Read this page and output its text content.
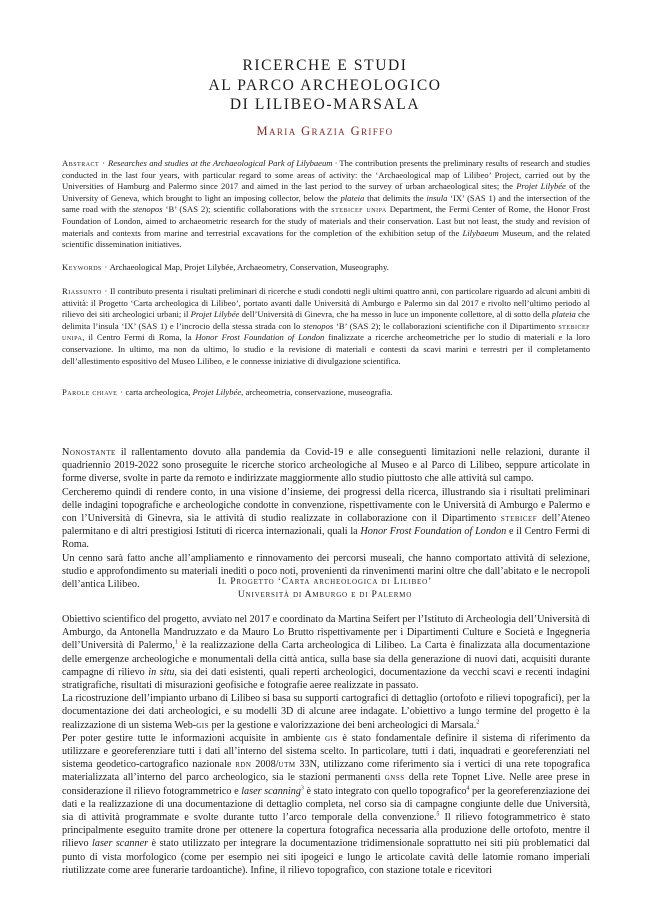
RICERCHE E STUDI
AL PARCO ARCHEOLOGICO
DI LILIBEO-MARSALA
Maria Grazia Griffo
Abstract · Researches and studies at the Archaeological Park of Lilybaeum · The contribution presents the preliminary results of research and studies conducted in the last four years, with particular regard to some areas of activity: the ‘Archaeological map of Lilibeo’ Project, carried out by the Universities of Hamburg and Palermo since 2017 and aimed in the last period to the survey of urban archaeological sites; the Projet Lilybée of the University of Geneva, which brought to light an imposing collector, below the plateia that delimits the insula ‘IX’ (SAS 1) and the intersection of the same road with the stenopos ‘B’ (SAS 2); scientific collaborations with the stebicef unipa Department, the Fermi Center of Rome, the Honor Frost Foundation of London, aimed to archaeometric research for the study of materials and their conservation. Last but not least, the study and revision of materials and contexts from marine and terrestrial excavations for the completion of the exhibition setup of the Lilybaeum Museum, and the related scientific dissemination initiatives.
Keywords · Archaeological Map, Projet Lilybée, Archaeometry, Conservation, Museography.
Riassunto · Il contributo presenta i risultati preliminari di ricerche e studi condotti negli ultimi quattro anni, con particolare riguardo ad alcuni ambiti di attività: il Progetto ‘Carta archeologica di Lilibeo’, portato avanti dalle Università di Amburgo e Palermo sin dal 2017 e rivolto nell’ultimo periodo al rilievo dei siti archeologici urbani; il Projet Lilybée dell’Università di Ginevra, che ha messo in luce un imponente collettore, al di sotto della plateia che delimita l’insula ‘IX’ (SAS 1) e l’incrocio della stessa strada con lo stenopos ‘B’ (SAS 2); le collaborazioni scientifiche con il Dipartimento stebicef unipa, il Centro Fermi di Roma, la Honor Frost Foundation of London finalizzate a ricerche archeometriche per lo studio di materiali e la loro conservazione. In ultimo, ma non da ultimo, lo studio e la revisione di materiali e contesti da scavi marini e terrestri per il completamento dell’allestimento espositivo del Museo Lilibeo, e le connesse iniziative di divulgazione scientifica.
Parole chiave · carta archeologica, Projet Lilybée, archeometria, conservazione, museografia.

Nonostante il rallentamento dovuto alla pandemia da Covid-19 e alle conseguenti limitazioni nelle relazioni, durante il quadriennio 2019-2022 sono proseguite le ricerche storico archeologiche al Museo e al Parco di Lilibeo, seppure articolate in forme diverse, svolte in parte da remoto e indirizzate maggiormente allo studio piuttosto che alle attività sul campo.

Cercheremo quindi di rendere conto, in una visione d’insieme, dei progressi della ricerca, illustrando sia i risultati preliminari delle indagini topografiche e archeologiche condotte in convenzione, rispettivamente con le Università di Amburgo e Palermo e con l’Università di Ginevra, sia le attività di studio realizzate in collaborazione con il Dipartimento stebicef dell’Ateneo palermitano e di altri prestigiosi Istituti di ricerca internazionali, quali la Honor Frost Foundation of London e il Centro Fermi di Roma.

Un cenno sarà fatto anche all’ampliamento e rinnovamento dei percorsi museali, che hanno comportato attività di selezione, studio e approfondimento su materiali inediti o poco noti, provenienti da rinvenimenti marini oltre che dall’abitato e le necropoli dell’antica Lilibeo.	Il Progetto ‘Carta archeologica di Lilibeo’
Università di Amburgo e di Palermo

Obiettivo scientifico del progetto, avviato nel 2017 e coordinato da Martina Seifert per l’Istituto di Archeologia dell’Università di Amburgo, da Antonella Mandruzzato e da Mauro Lo Brutto rispettivamente per i Dipartimenti Culture e Società e Ingegneria dell’Università di Palermo,$^1$ è la realizzazione della Carta archeologica di Lilibeo. La Carta è finalizzata alla documentazione delle emergenze archeologiche e monumentali della città antica, sulla base sia della generazione di nuovi dati, acquisiti durante campagne di rilievo in situ, sia dei dati esistenti, quali reperti archeologici, documentazione da vecchi scavi e recenti indagini stratigrafiche, risultati di misurazioni geofisiche e fotografie aeree realizzate in passato.

La ricostruzione dell’impianto urbano di Lilibeo si basa su supporti cartografici di dettaglio (ortofoto e rilievi topografici), per la documentazione dei dati archeologici, e su modelli 3D di alcune aree indagate. L’obiettivo a lungo termine del progetto è la realizzazione di un sistema Web-gis per la gestione e valorizzazione dei beni archeologici di Marsala.$^2$

Per poter gestire tutte le informazioni acquisite in ambiente gis è stato fondamentale definire il sistema di riferimento da utilizzare e georeferenziare tutti i dati all’interno del sistema scelto. In particolare, tutti i dati, inquadrati e georeferenziati nel sistema geodetico-cartografico nazionale rdn 2008/utm 33N, utilizzano come riferimento sia i vertici di una rete topografica materializzata all’interno del parco archeologico, sia le stazioni permanenti gnss della rete Topnet Live. Nelle aree prese in considerazione il rilievo fotogrammetrico e laser scanning$^3$ è stato integrato con quello topografico$^4$ per la georeferenziazione dei dati e la realizzazione di una documentazione di dettaglio completa, nel corso sia di campagne congiunte delle due Università, sia di attività programmate e svolte durante tutto l’arco temporale della convenzione.$^5$ Il rilievo fotogrammetrico è stato principalmente eseguito tramite drone per ottenere la copertura fotografica necessaria alla produzione delle ortofoto, mentre il rilievo laser scanner è stato utilizzato per integrare la documentazione tridimensionale soprattutto nei siti più problematici dal punto di vista morfologico (come per esempio nei siti ipogeici e lungo le articolate cavità delle latomie romano imperiali riutilizzate come aree funerarie tardoantiche). Infine, il rilievo topografico, con stazione totale e ricevitori
